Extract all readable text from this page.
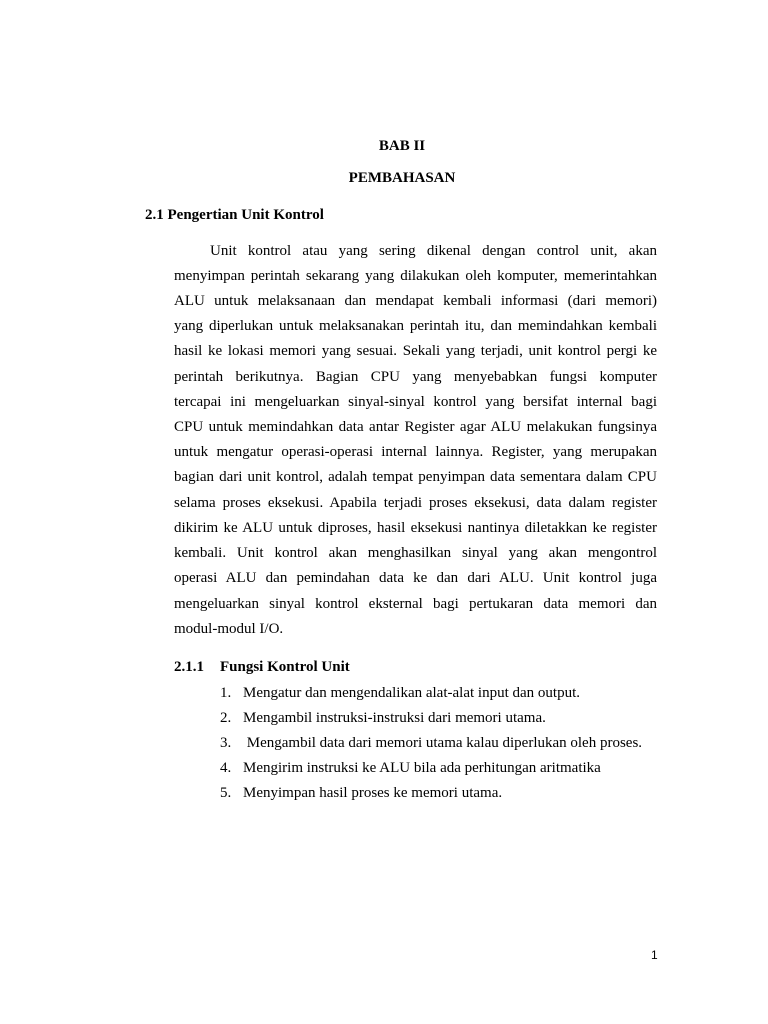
BAB II
PEMBAHASAN
2.1 Pengertian Unit Kontrol
Unit kontrol atau yang sering dikenal dengan control unit, akan
menyimpan perintah sekarang yang dilakukan oleh komputer, memerintahkan
ALU untuk melaksanaan dan mendapat kembali informasi (dari memori)
yang diperlukan untuk melaksanakan perintah itu, dan memindahkan kembali
hasil ke lokasi memori yang sesuai. Sekali yang terjadi, unit kontrol pergi ke
perintah berikutnya. Bagian CPU yang menyebabkan fungsi komputer
tercapai ini mengeluarkan sinyal-sinyal kontrol yang bersifat internal bagi
CPU untuk memindahkan data antar Register agar ALU melakukan fungsinya
untuk mengatur operasi-operasi internal lainnya. Register, yang merupakan
bagian dari unit kontrol, adalah tempat penyimpan data sementara dalam CPU
selama proses eksekusi. Apabila terjadi proses eksekusi, data dalam register
dikirim ke ALU untuk diproses, hasil eksekusi nantinya diletakkan ke register
kembali. Unit kontrol akan menghasilkan sinyal yang akan mengontrol
operasi ALU dan pemindahan data ke dan dari ALU. Unit kontrol juga
mengeluarkan sinyal kontrol eksternal bagi pertukaran data memori dan
modul-modul I/O.
2.1.1 Fungsi Kontrol Unit
1. Mengatur dan mengendalikan alat-alat input dan output.
2. Mengambil instruksi-instruksi dari memori utama.
3. Mengambil data dari memori utama kalau diperlukan oleh proses.
4. Mengirim instruksi ke ALU bila ada perhitungan aritmatika
5. Menyimpan hasil proses ke memori utama.
1
